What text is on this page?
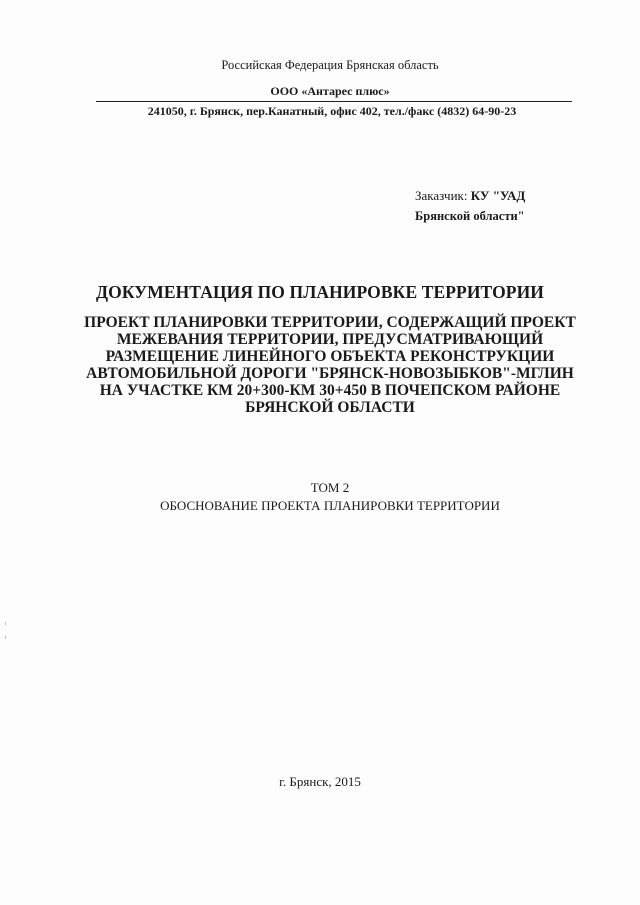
Российская Федерация Брянская область
ООО «Антарес плюс»
241050, г. Брянск, пер.Канатный, офис 402, тел./факс (4832) 64-90-23
Заказчик: КУ "УАД
Брянской области"
ДОКУМЕНТАЦИЯ ПО ПЛАНИРОВКЕ ТЕРРИТОРИИ
ПРОЕКТ ПЛАНИРОВКИ ТЕРРИТОРИИ, СОДЕРЖАЩИЙ ПРОЕКТ
МЕЖЕВАНИЯ ТЕРРИТОРИИ, ПРЕДУСМАТРИВАЮЩИЙ
РАЗМЕЩЕНИЕ ЛИНЕЙНОГО ОБЪЕКТА РЕКОНСТРУКЦИИ
АВТОМОБИЛЬНОЙ ДОРОГИ "БРЯНСК-НОВОЗЫБКОВ"-МГЛИН
НА УЧАСТКЕ КМ 20+300-КМ 30+450 В ПОЧЕПСКОМ РАЙОНЕ
БРЯНСКОЙ ОБЛАСТИ
ТОМ 2
ОБОСНОВАНИЕ ПРОЕКТА ПЛАНИРОВКИ ТЕРРИТОРИИ
г. Брянск, 2015
